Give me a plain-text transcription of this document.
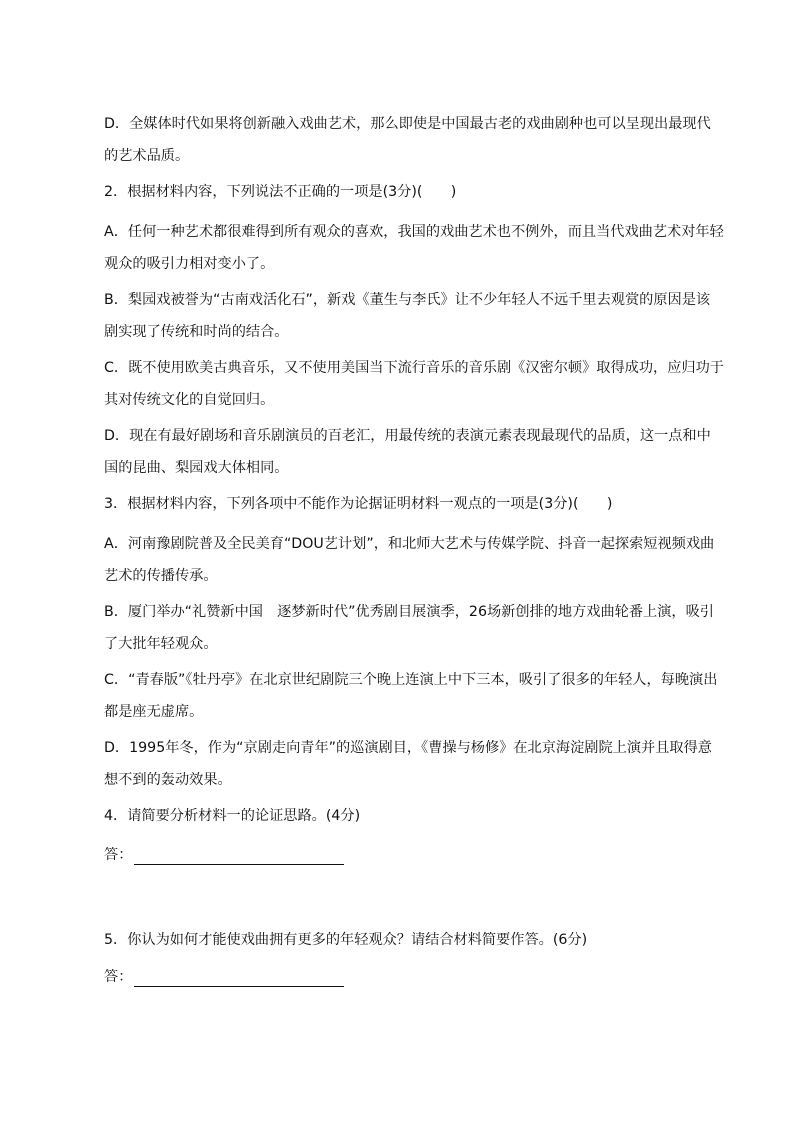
D．全媒体时代如果将创新融入戏曲艺术，那么即使是中国最古老的戏曲剧种也可以呈现出最现代的艺术品质。
2．根据材料内容，下列说法不正确的一项是(3分)(　　)
A．任何一种艺术都很难得到所有观众的喜欢，我国的戏曲艺术也不例外，而且当代戏曲艺术对年轻观众的吸引力相对变小了。
B．梨园戏被誉为“古南戏活化石”，新戏《董生与李氏》让不少年轻人不远千里去观赏的原因是该剧实现了传统和时尚的结合。
C．既不使用欧美古典音乐，又不使用美国当下流行音乐的音乐剧《汉密尔顿》取得成功，应归功于其对传统文化的自觉回归。
D．现在有最好剧场和音乐剧演员的百老汇，用最传统的表演元素表现最现代的品质，这一点和中国的昆曲、梨园戏大体相同。
3．根据材料内容，下列各项中不能作为论据证明材料一观点的一项是(3分)(　　)
A．河南豫剧院普及全民美育“DOU艺计划”，和北师大艺术与传媒学院、抖音一起探索短视频戏曲艺术的传播传承。
B．厦门举办“礼赞新中国　逐梦新时代”优秀剧目展演季，26场新创排的地方戏曲轮番上演，吸引了大批年轻观众。
C．“青春版”《牡丹亭》在北京世纪剧院三个晚上连演上中下三本，吸引了很多的年轻人，每晚演出都是座无虚席。
D．1995年冬，作为“京剧走向青年”的巡演剧目，《曹操与杨修》在北京海淀剧院上演并且取得意想不到的轰动效果。
4．请简要分析材料一的论证思路。(4分)
答：
5．你认为如何才能使戏曲拥有更多的年轻观众？请结合材料简要作答。(6分)
答：
